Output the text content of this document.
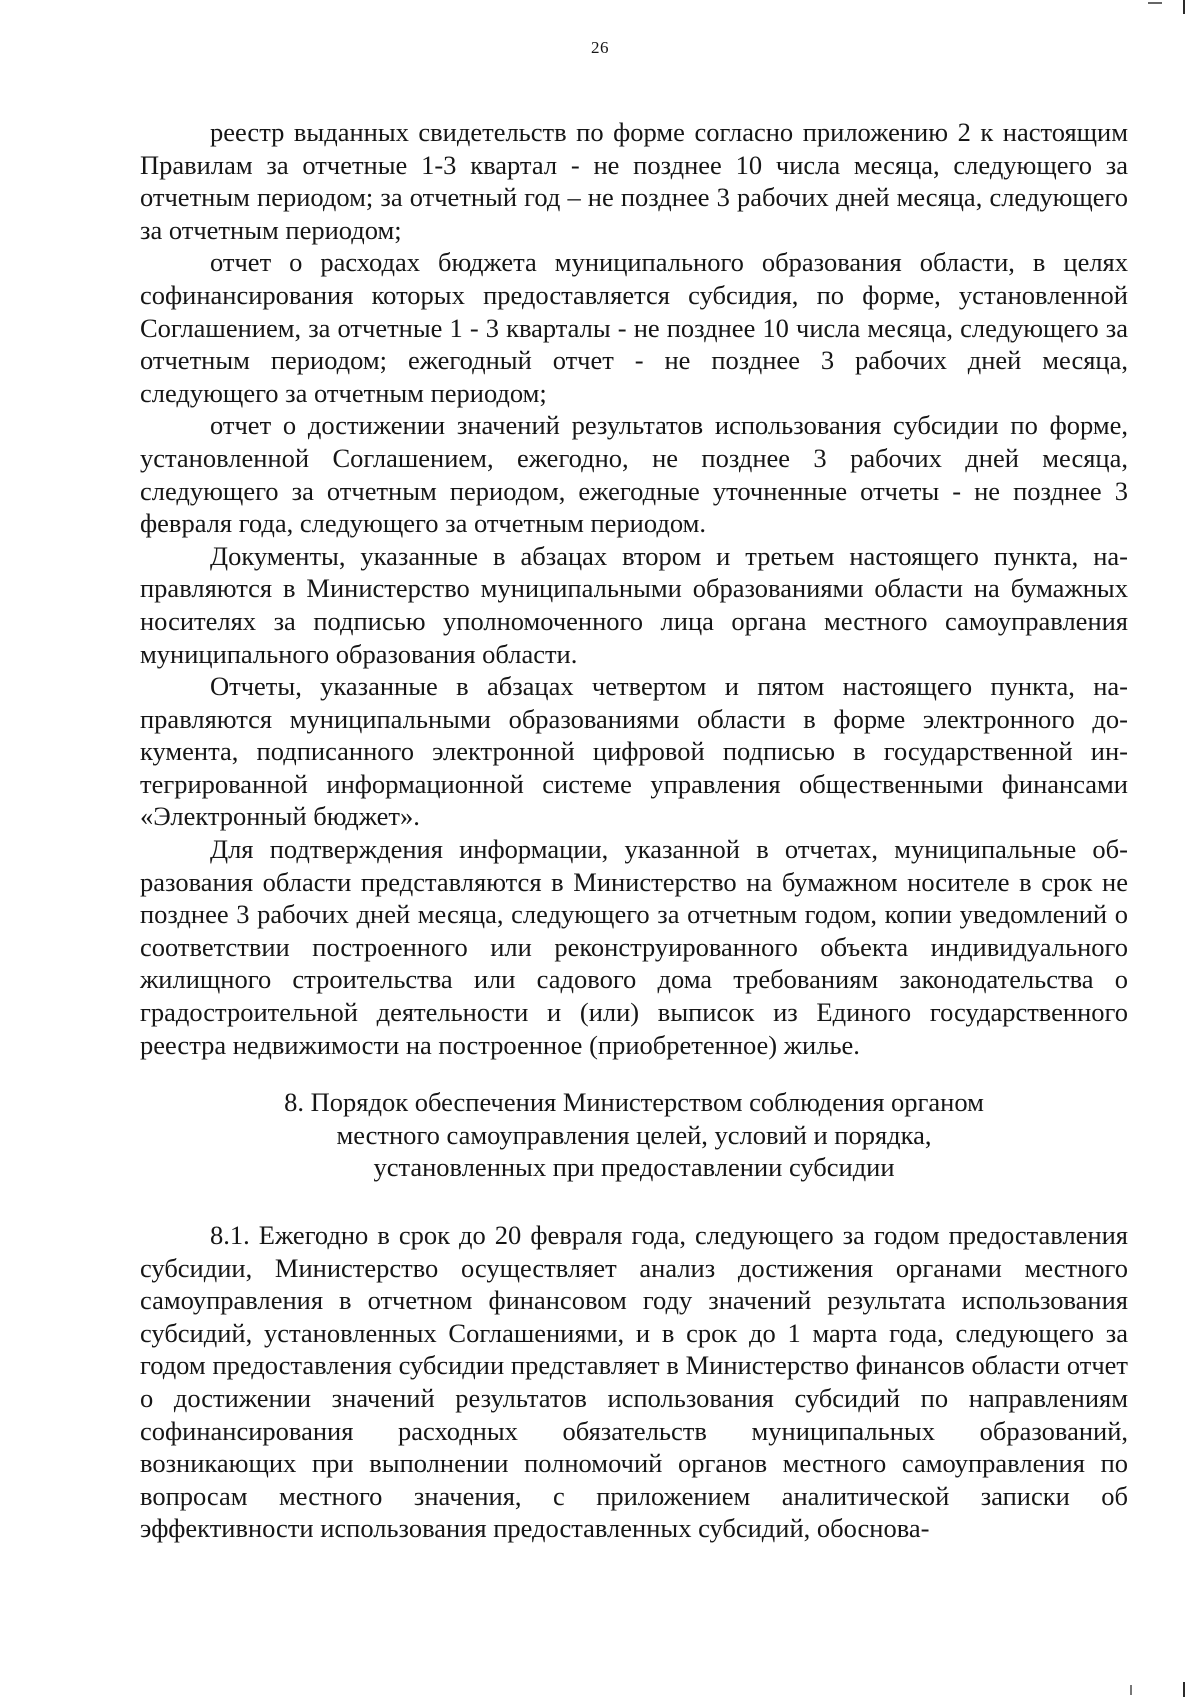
26

реестр выданных свидетельств по форме согласно приложению 2 к настоящим Правилам за отчетные 1-3 квартал - не позднее 10 числа месяца, следующего за отчетным периодом; за отчетный год – не позднее 3 рабочих дней месяца, следующего за отчетным периодом;

отчет о расходах бюджета муниципального образования области, в целях софинансирования которых предоставляется субсидия, по форме, установленной Соглашением, за отчетные 1 - 3 кварталы - не позднее 10 числа месяца, следующего за отчетным периодом; ежегодный отчет - не позднее 3 рабочих дней месяца, следующего за отчетным периодом;

отчет о достижении значений результатов использования субсидии по форме, установленной Соглашением, ежегодно, не позднее 3 рабочих дней месяца, следующего за отчетным периодом, ежегодные уточненные отчеты - не позднее 3 февраля года, следующего за отчетным периодом.

Документы, указанные в абзацах втором и третьем настоящего пункта, направляются в Министерство муниципальными образованиями области на бумажных носителях за подписью уполномоченного лица органа местного самоуправления муниципального образования области.

Отчеты, указанные в абзацах четвертом и пятом настоящего пункта, направляются муниципальными образованиями области в форме электронного документа, подписанного электронной цифровой подписью в государственной интегрированной информационной системе управления общественными финансами «Электронный бюджет».

Для подтверждения информации, указанной в отчетах, муниципальные образования области представляются в Министерство на бумажном носителе в срок не позднее 3 рабочих дней месяца, следующего за отчетным годом, копии уведомлений о соответствии построенного или реконструированного объекта индивидуального жилищного строительства или садового дома требованиям законодательства о градостроительной деятельности и (или) выписок из Единого государственного реестра недвижимости на построенное (приобретенное) жилье.

8. Порядок обеспечения Министерством соблюдения органом
местного самоуправления целей, условий и порядка,
установленных при предоставлении субсидии

8.1. Ежегодно в срок до 20 февраля года, следующего за годом предоставления субсидии, Министерство осуществляет анализ достижения органами местного самоуправления в отчетном финансовом году значений результата использования субсидий, установленных Соглашениями, и в срок до 1 марта года, следующего за годом предоставления субсидии представляет в Министерство финансов области отчет о достижении значений результатов использования субсидий по направлениям софинансирования расходных обязательств муниципальных образований, возникающих при выполнении полномочий органов местного самоуправления по вопросам местного значения, с приложением аналитической записки об эффективности использования предоставленных субсидий, обоснова-
